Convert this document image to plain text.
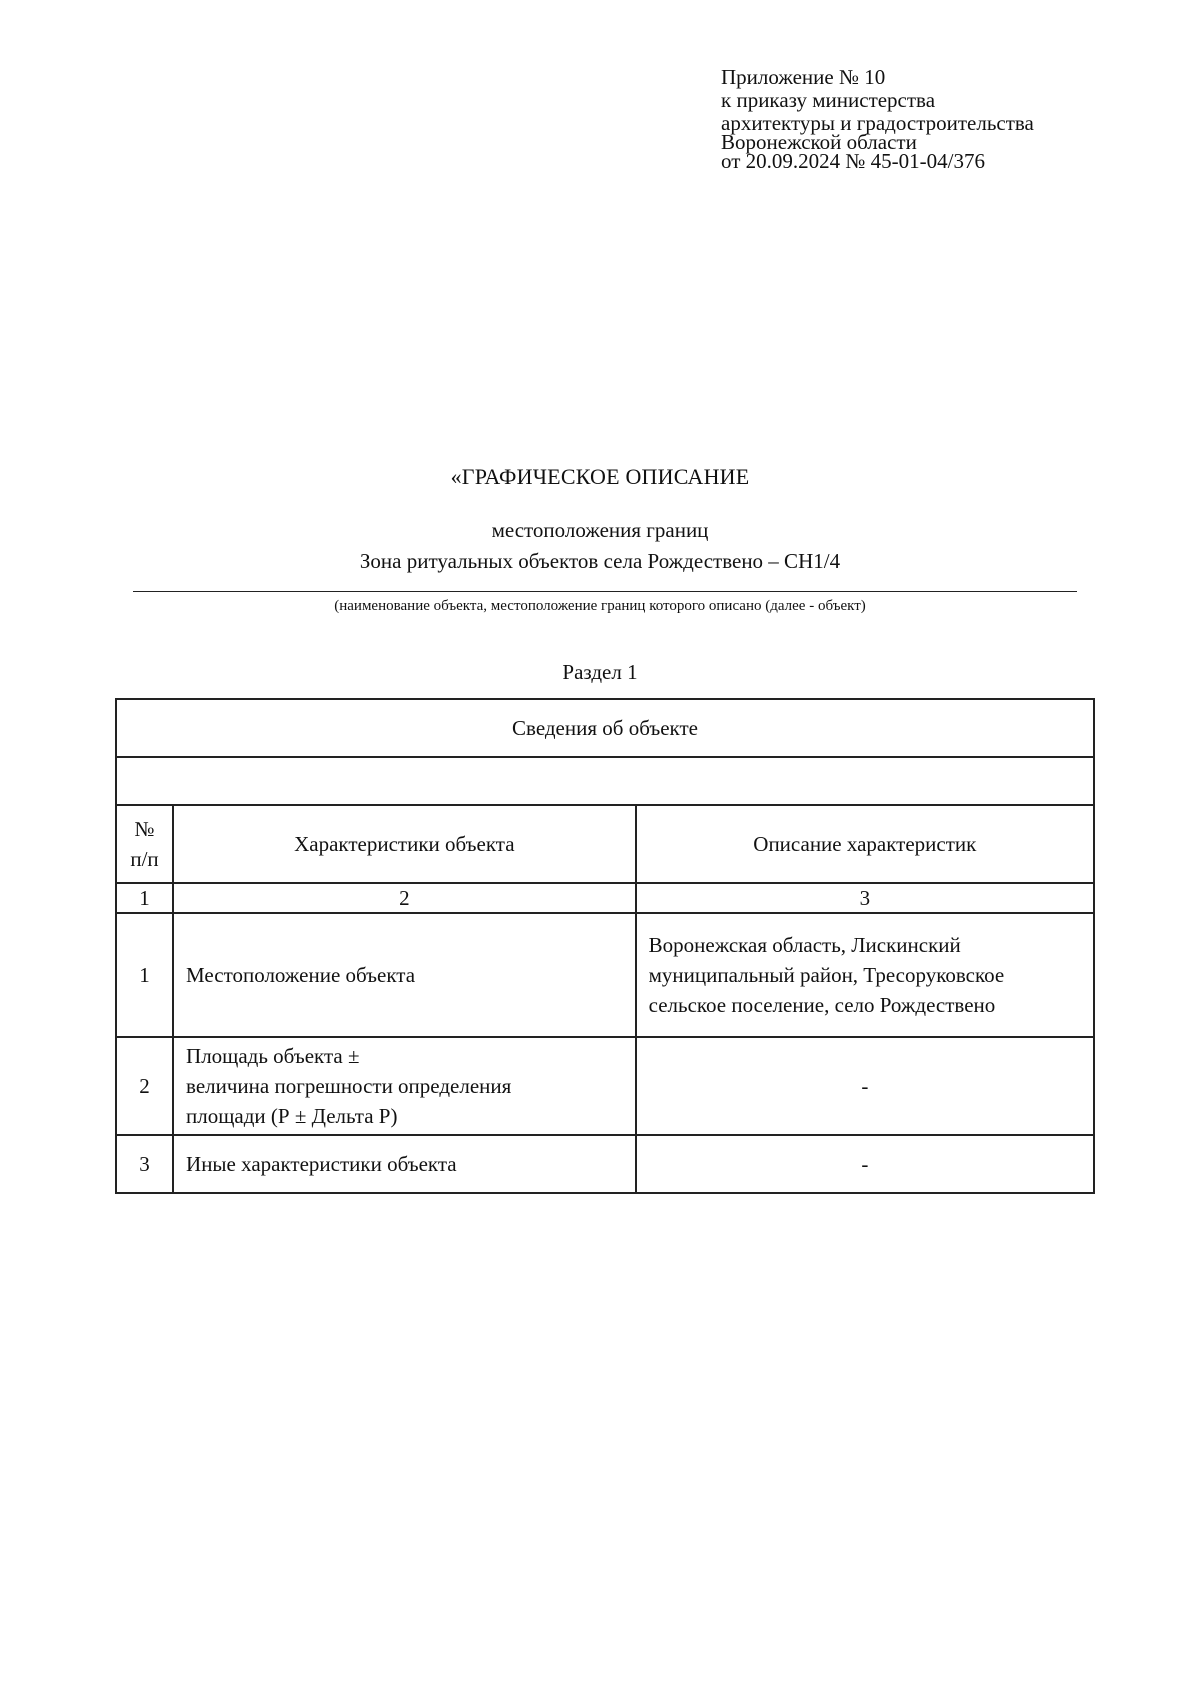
Приложение № 10
к приказу министерства
архитектуры и градостроительства
Воронежской области
от 20.09.2024 № 45-01-04/376
«ГРАФИЧЕСКОЕ ОПИСАНИЕ
местоположения границ
Зона ритуальных объектов села Рождествено – СН1/4
(наименование объекта, местоположение границ которого описано (далее - объект)
Раздел 1
Сведения об объекте		

№
п/п	Характеристики объекта	Описание характеристик
1	2	3
1	Местоположение объекта	Воронежская область, Лискинский
муниципальный район, Тресоруковское
сельское поселение, село Рождествено

2	Площадь объекта ±
величина погрешности определения
площади (Р ± Дельта Р)	-
3	Иные характеристики объекта	-
